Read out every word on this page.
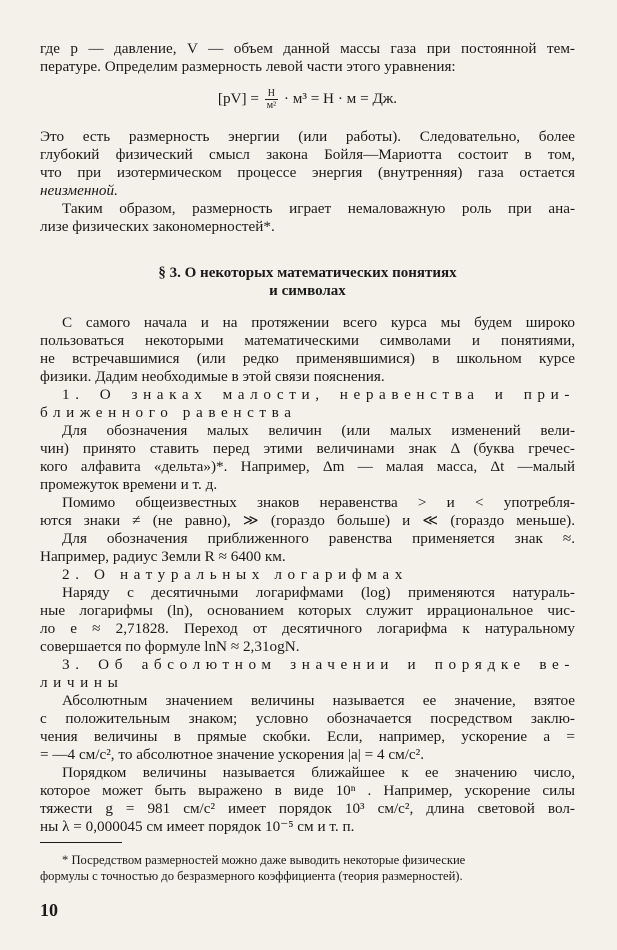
где p — давление, V — объем данной массы газа при постоянной тем-
пературе. Определим размерность левой части этого уравнения:
$[pV] = \frac{Н}{\text{м²}} \cdot м^3 = Н \cdot м$ = Дж.
Это есть размерность энергии (или работы). Следовательно, более
глубокий физический смысл закона Бойля—Мариотта состоит в том,
что при изотермическом процессе энергия (внутренняя) газа остается
неизменной.
Таким образом, размерность играет немаловажную роль при ана-
лизе физических закономерностей*.
§ 3. О некоторых математических понятиях
и символах
С самого начала и на протяжении всего курса мы будем широко
пользоваться некоторыми математическими символами и понятиями,
не встречавшимися (или редко применявшимися) в школьном курсе
физики. Дадим необходимые в этой связи пояснения.
1. О знаках малости, неравенства и при-
ближенного равенства
Для обозначения малых величин (или малых изменений вели-
чин) принято ставить перед этими величинами знак Δ (буква гречес-
кого алфавита «дельта»)*. Например, Δm — малая масса, Δt —малый
промежуток времени и т. д.
Помимо общеизвестных знаков неравенства > и < употребля-
ются знаки ≠ (не равно), ≫ (гораздо больше) и ≪ (гораздо меньше).
Для обозначения приближенного равенства применяется знак ≈.
Например, радиус Земли R ≈ 6400 км.
2. О натуральных логарифмах
Наряду с десятичными логарифмами (log) применяются натураль-
ные логарифмы (ln), основанием которых служит иррациональное чис-
ло e ≈ 2,71828. Переход от десятичного логарифма к натуральному
совершается по формуле lnN ≈ 2,31ogN.
3. Об абсолютном значении и порядке ве-
личины
Абсолютным значением величины называется ее значение, взятое
с положительным знаком; условно обозначается посредством заклю-
чения величины в прямые скобки. Если, например, ускорение a =
= —4 см/с², то абсолютное значение ускорения |a| = 4 см/с².
Порядком величины называется ближайшее к ее значению число,
которое может быть выражено в виде 10ⁿ . Например, ускорение силы
тяжести g = 981 см/с² имеет порядок 10³ см/с², длина световой вол-
ны λ = 0,000045 см имеет порядок 10⁻⁵ см и т. п.
* Посредством размерностей можно даже выводить некоторые физические
формулы с точностью до безразмерного коэффициента (теория размерностей).
10
